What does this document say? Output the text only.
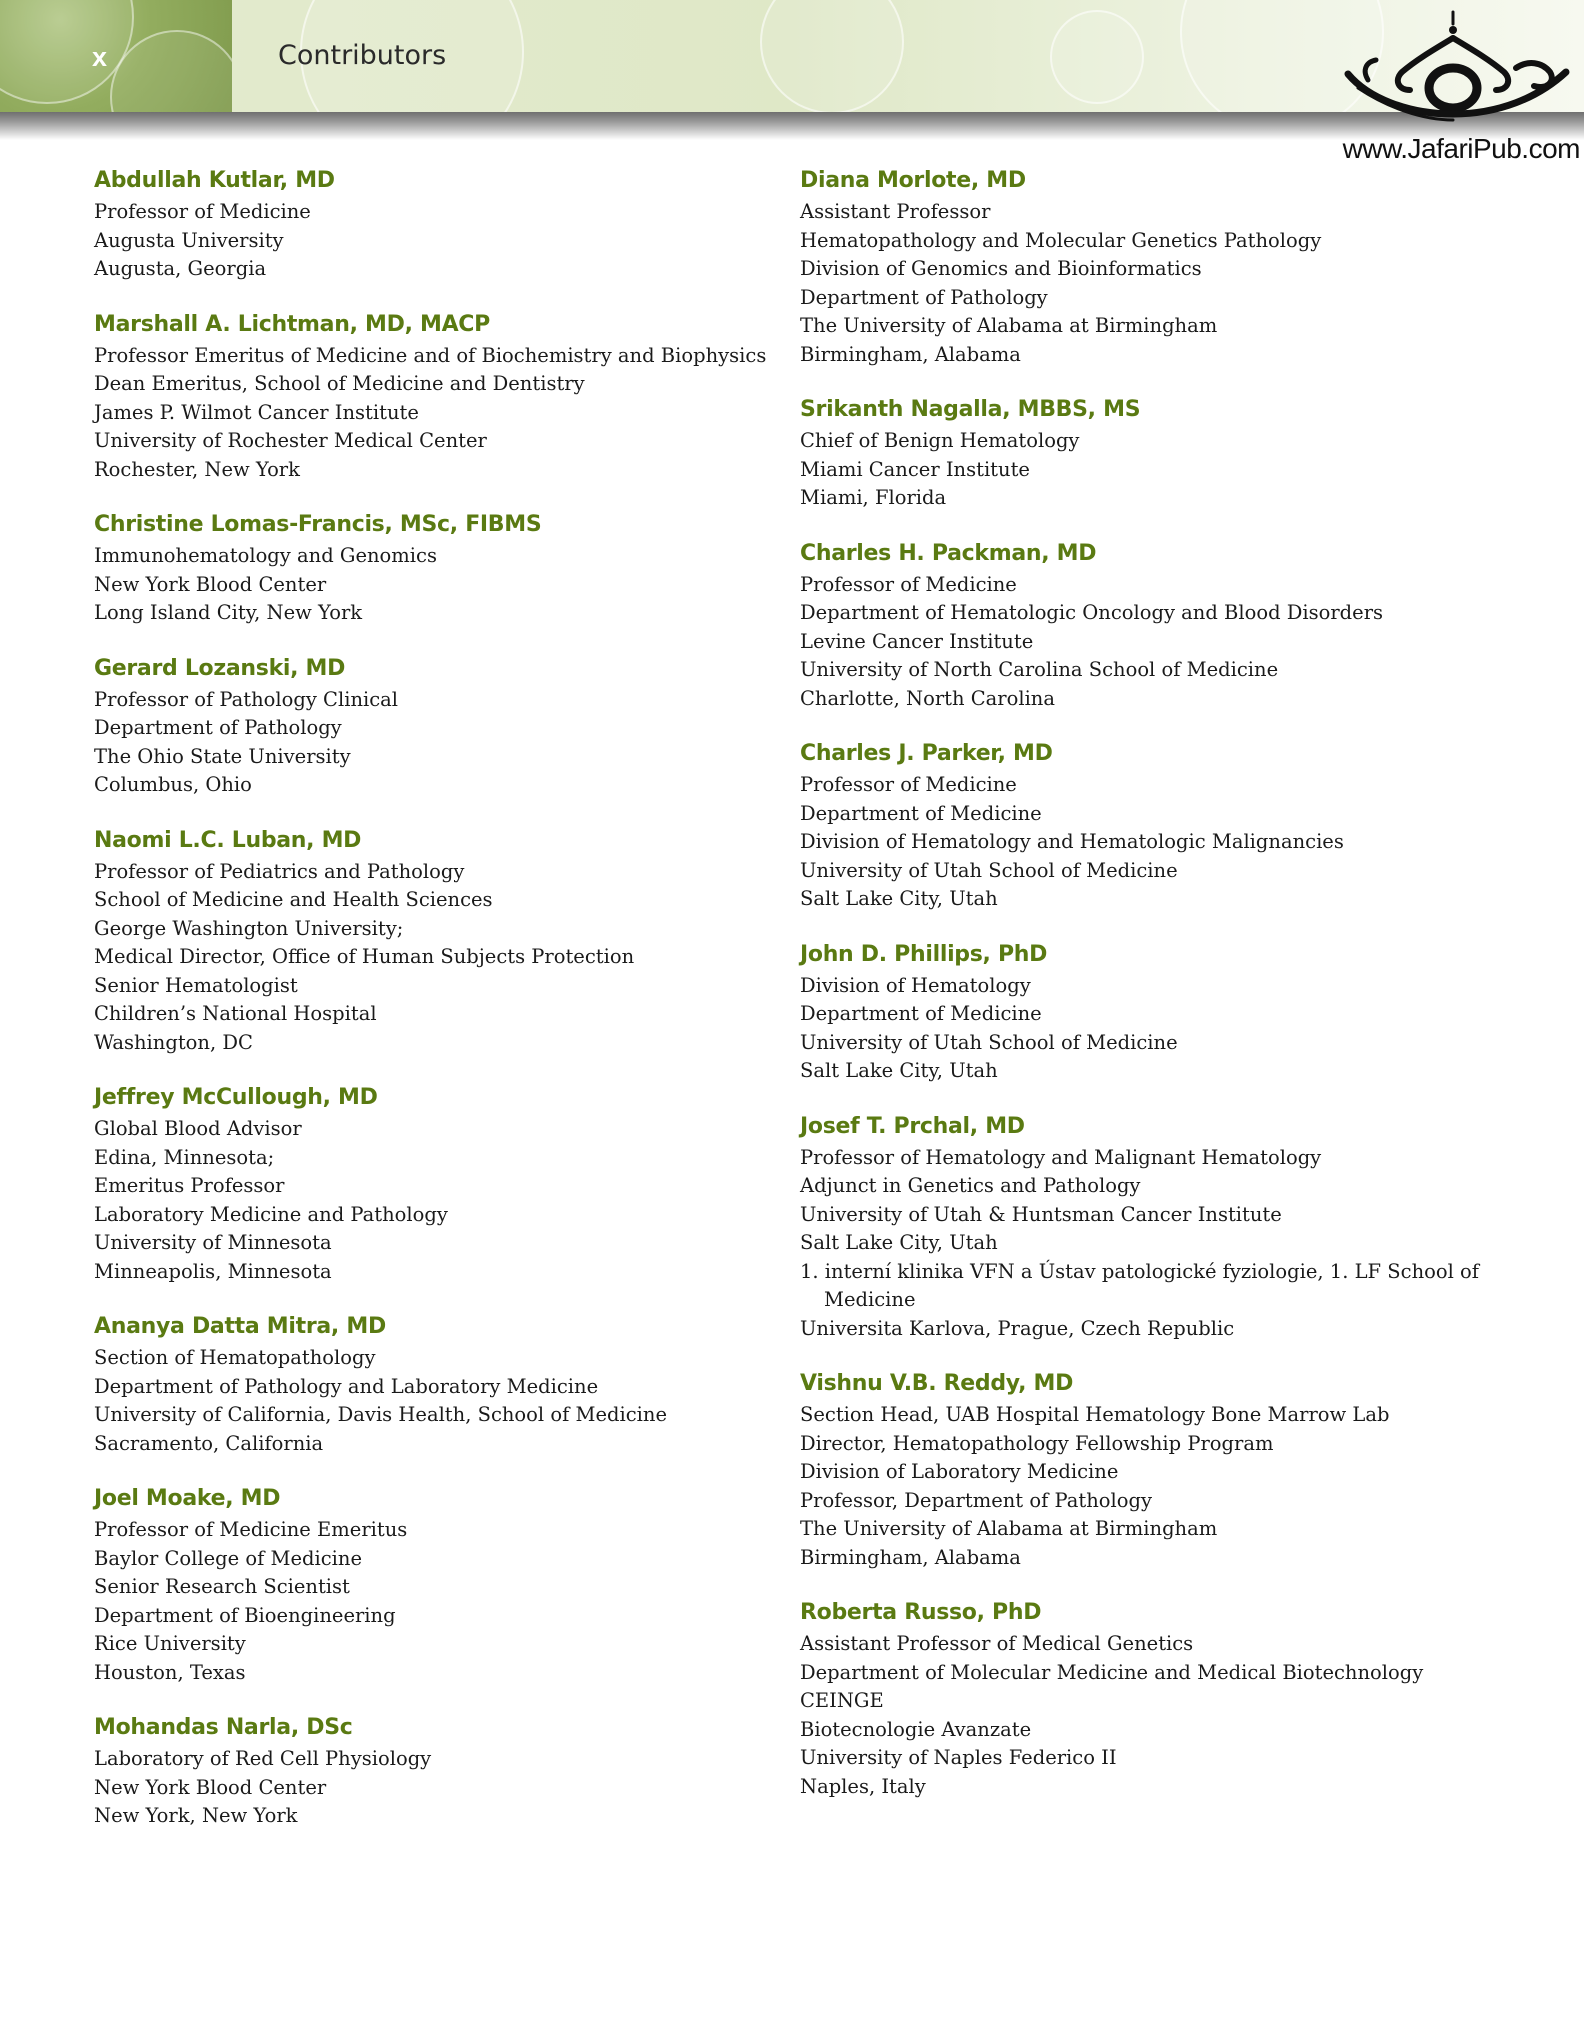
x	Contributors
www.JafariPub.com
Abdullah Kutlar, MD
Professor of Medicine
Augusta University
Augusta, Georgia
Marshall A. Lichtman, MD, MACP
Professor Emeritus of Medicine and of Biochemistry and Biophysics
Dean Emeritus, School of Medicine and Dentistry
James P. Wilmot Cancer Institute
University of Rochester Medical Center
Rochester, New York
Christine Lomas-Francis, MSc, FIBMS
Immunohematology and Genomics
New York Blood Center
Long Island City, New York
Gerard Lozanski, MD
Professor of Pathology Clinical
Department of Pathology
The Ohio State University
Columbus, Ohio
Naomi L.C. Luban, MD
Professor of Pediatrics and Pathology
School of Medicine and Health Sciences
George Washington University;
Medical Director, Office of Human Subjects Protection
Senior Hematologist
Children’s National Hospital
Washington, DC
Jeffrey McCullough, MD
Global Blood Advisor
Edina, Minnesota;
Emeritus Professor
Laboratory Medicine and Pathology
University of Minnesota
Minneapolis, Minnesota
Ananya Datta Mitra, MD
Section of Hematopathology
Department of Pathology and Laboratory Medicine
University of California, Davis Health, School of Medicine
Sacramento, California
Joel Moake, MD
Professor of Medicine Emeritus
Baylor College of Medicine
Senior Research Scientist
Department of Bioengineering
Rice University
Houston, Texas
Mohandas Narla, DSc
Laboratory of Red Cell Physiology
New York Blood Center
New York, New York
Diana Morlote, MD
Assistant Professor
Hematopathology and Molecular Genetics Pathology
Division of Genomics and Bioinformatics
Department of Pathology
The University of Alabama at Birmingham
Birmingham, Alabama
Srikanth Nagalla, MBBS, MS
Chief of Benign Hematology
Miami Cancer Institute
Miami, Florida
Charles H. Packman, MD
Professor of Medicine
Department of Hematologic Oncology and Blood Disorders
Levine Cancer Institute
University of North Carolina School of Medicine
Charlotte, North Carolina
Charles J. Parker, MD
Professor of Medicine
Department of Medicine
Division of Hematology and Hematologic Malignancies
University of Utah School of Medicine
Salt Lake City, Utah
John D. Phillips, PhD
Division of Hematology
Department of Medicine
University of Utah School of Medicine
Salt Lake City, Utah
Josef T. Prchal, MD
Professor of Hematology and Malignant Hematology
Adjunct in Genetics and Pathology
University of Utah & Huntsman Cancer Institute
Salt Lake City, Utah
1. interní klinika VFN a Ústav patologické fyziologie, 1. LF School of
Medicine
Universita Karlova, Prague, Czech Republic
Vishnu V.B. Reddy, MD
Section Head, UAB Hospital Hematology Bone Marrow Lab
Director, Hematopathology Fellowship Program
Division of Laboratory Medicine
Professor, Department of Pathology
The University of Alabama at Birmingham
Birmingham, Alabama
Roberta Russo, PhD
Assistant Professor of Medical Genetics
Department of Molecular Medicine and Medical Biotechnology
CEINGE
Biotecnologie Avanzate
University of Naples Federico II
Naples, Italy
